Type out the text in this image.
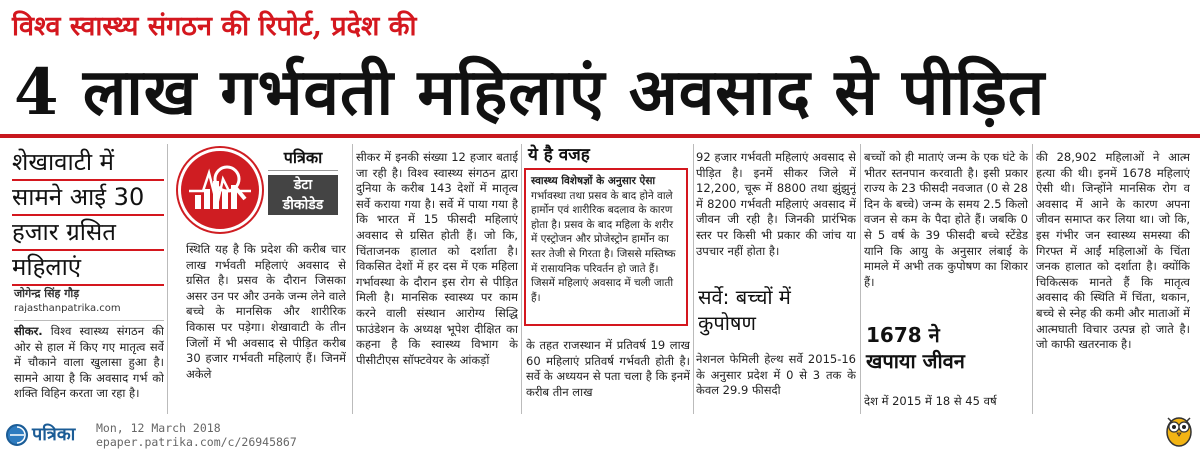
विश्व स्वास्थ्य संगठन की रिपोर्ट, प्रदेश की
4 लाख गर्भवती महिलाएं अवसाद से पीड़ित
शेखावाटी में
सामने आई 30
हजार ग्रसित
महिलाएं
जोगेन्द्र सिंह गौड़
rajasthanpatrika.com
सीकर. विश्व स्वास्थ्य संगठन की ओर से हाल में किए गए मातृत्व सर्वे में चौकाने वाला खुलासा हुआ है। सामने आया है कि अवसाद गर्भ को शक्ति विहिन करता जा रहा है।
पत्रिका
डेटा
डीकोडेड
स्थिति यह है कि प्रदेश की करीब चार लाख गर्भवती महिलाएं अवसाद से ग्रसित है। प्रसव के दौरान जिसका असर उन पर और उनके जन्म लेने वाले बच्चे के मानसिक और शारीरिक विकास पर पड़ेगा। शेखावाटी के तीन जिलों में भी अवसाद से पीड़ित करीब 30 हजार गर्भवती महिलाएं हैं। जिनमें अकेले
सीकर में इनकी संख्या 12 हजार बताई जा रही है। विश्व स्वास्थ्य संगठन द्वारा दुनिया के करीब 143 देशों में मातृत्व सर्वे कराया गया है। सर्वे में पाया गया है कि भारत में 15 फीसदी महिलाएं अवसाद से ग्रसित होती हैं। जो कि, चिंताजनक हालात को दर्शाता है। विकसित देशों में हर दस में एक महिला गर्भावस्था के दौरान इस रोग से पीड़ित मिली है। मानसिक स्वास्थ्य पर काम करने वाली संस्थान आरोग्य सिद्धि फाउंडेशन के अध्यक्ष भूपेश दीक्षित का कहना है कि स्वास्थ्य विभाग के पीसीटीएस सॉफ्टवेयर के आंकड़ों
ये है वजह
स्वास्थ्य विशेषज्ञों के अनुसार ऐसा
गर्भावस्था तथा प्रसव के बाद होने वाले हार्मोन एवं शारीरिक बदलाव के कारण होता है। प्रसव के बाद महिला के शरीर में एस्ट्रोजन और प्रोजेस्ट्रोन हार्मोन का स्तर तेजी से गिरता है। जिससे मस्तिष्क में रासायनिक परिवर्तन हो जाते हैं। जिसमें महिलाएं अवसाद में चली जाती हैं।
के तहत राजस्थान में प्रतिवर्ष 19 लाख 60 महिलाएं प्रतिवर्ष गर्भवती होती है। सर्वे के अध्ययन से पता चला है कि इनमें करीब तीन लाख
92 हजार गर्भवती महिलाएं अवसाद से पीड़ित है। इनमें सीकर जिले में 12,200, चूरू में 8800 तथा झुंझुनूं में 8200 गर्भवती महिलाएं अवसाद में जीवन जी रही है। जिनकी प्रारंभिक स्तर पर किसी भी प्रकार की जांच या उपचार नहीं होता है।
सर्वे: बच्चों में
कुपोषण
नेशनल फेमिली हेल्थ सर्वे 2015-16 के अनुसार प्रदेश में 0 से 3 तक के केवल 29.9 फीसदी
बच्चों को ही माताएं जन्म के एक घंटे के भीतर स्तनपान करवाती है। इसी प्रकार राज्य के 23 फीसदी नवजात (0 से 28 दिन के बच्चे) जन्म के समय 2.5 किलो वजन से कम के पैदा होते हैं। जबकि 0 से 5 वर्ष के 39 फीसदी बच्चे स्टेंडेड यानि कि आयु के अनुसार लंबाई के मामले में अभी तक कुपोषण का शिकार हैं।
1678 ने
खपाया जीवन
देश में 2015 में 18 से 45 वर्ष
की 28,902 महिलाओं ने आत्म हत्या की थी। इनमें 1678 महिलाएं ऐसी थी। जिन्होंने मानसिक रोग व अवसाद में आने के कारण अपना जीवन समाप्त कर लिया था। जो कि, इस गंभीर जन स्वास्थ्य समस्या की गिरफ्त में आईं महिलाओं के चिंता जनक हालात को दर्शाता है। क्योंकि चिकित्सक मानते हैं कि मातृत्व अवसाद की स्थिति में चिंता, थकान, बच्चे से स्नेह की कमी और माताओं में आत्मघाती विचार उत्पन्न हो जाते है। जो काफी खतरनाक है।
पत्रिका Mon, 12 March 2018
epaper.patrika.com/c/26945867
